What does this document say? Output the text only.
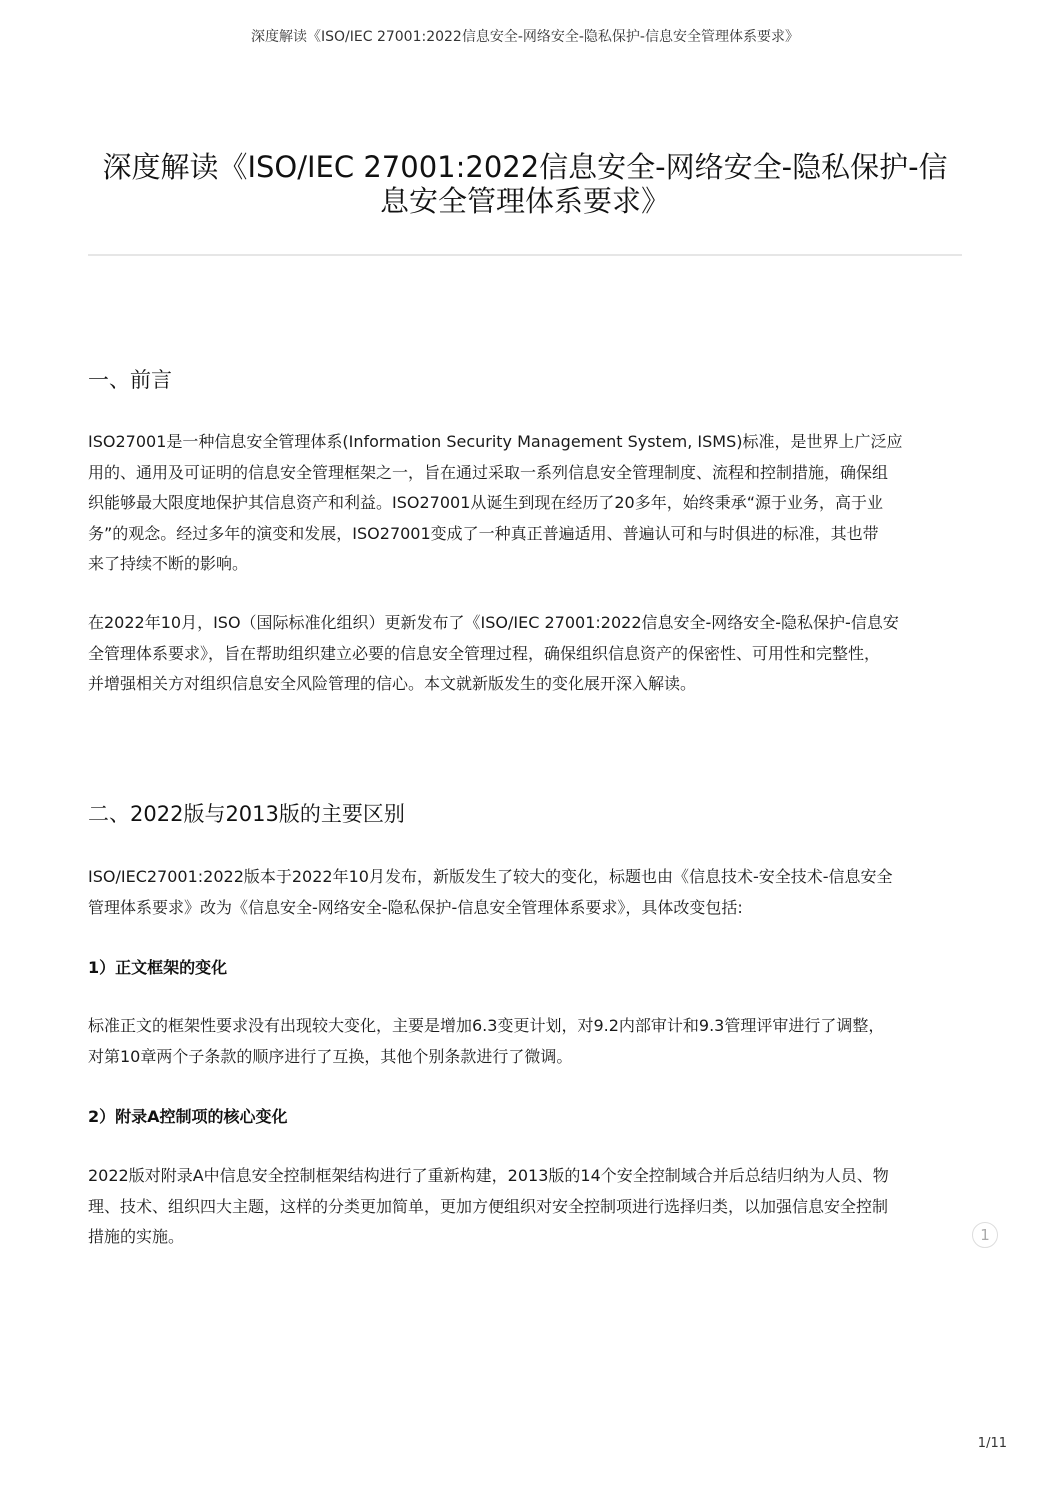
深度解读《ISO/IEC 27001:2022信息安全-网络安全-隐私保护-信息安全管理体系要求》
深度解读《ISO/IEC 27001:2022信息安全-网络安全-隐私保护-信
息安全管理体系要求》
一、前言

ISO27001是一种信息安全管理体系(Information Security Management System, ISMS)标准，是世界上广泛应
用的、通用及可证明的信息安全管理框架之一，旨在通过采取一系列信息安全管理制度、流程和控制措施，确保组
织能够最大限度地保护其信息资产和利益。ISO27001从诞生到现在经历了20多年，始终秉承“源于业务，高于业
务”的观念。经过多年的演变和发展，ISO27001变成了一种真正普遍适用、普遍认可和与时俱进的标准，其也带
来了持续不断的影响。

在2022年10月，ISO（国际标准化组织）更新发布了《ISO/IEC 27001:2022信息安全-网络安全-隐私保护-信息安
全管理体系要求》，旨在帮助组织建立必要的信息安全管理过程，确保组织信息资产的保密性、可用性和完整性，
并增强相关方对组织信息安全风险管理的信心。本文就新版发生的变化展开深入解读。

二、2022版与2013版的主要区别

ISO/IEC27001:2022版本于2022年10月发布，新版发生了较大的变化，标题也由《信息技术-安全技术-信息安全
管理体系要求》改为《信息安全-网络安全-隐私保护-信息安全管理体系要求》，具体改变包括:

1）正文框架的变化

标准正文的框架性要求没有出现较大变化，主要是增加6.3变更计划，对9.2内部审计和9.3管理评审进行了调整，
对第10章两个子条款的顺序进行了互换，其他个别条款进行了微调。

2）附录A控制项的核心变化

2022版对附录A中信息安全控制框架结构进行了重新构建，2013版的14个安全控制域合并后总结归纳为人员、物
理、技术、组织四大主题，这样的分类更加简单，更加方便组织对安全控制项进行选择归类，以加强信息安全控制
措施的实施。	1
1/11
